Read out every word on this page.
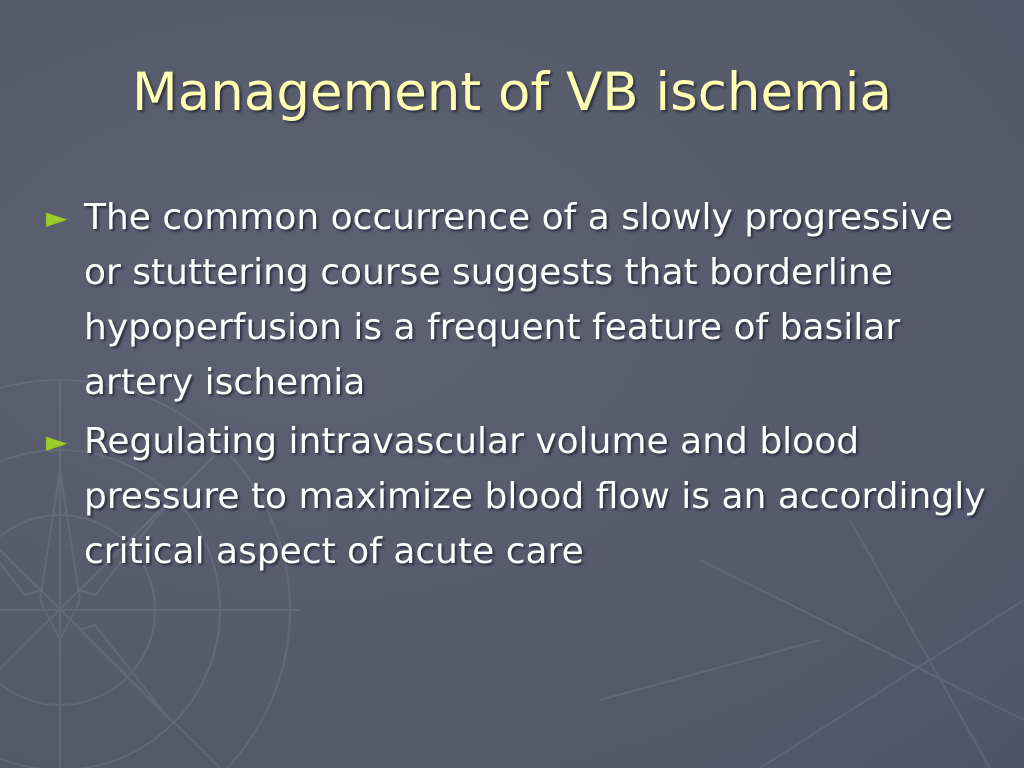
Management of VB ischemia
► The common occurrence of a slowly progressive or stuttering course suggests that borderline hypoperfusion is a frequent feature of basilar artery ischemia
► Regulating intravascular volume and blood pressure to maximize blood flow is an accordingly critical aspect of acute care
